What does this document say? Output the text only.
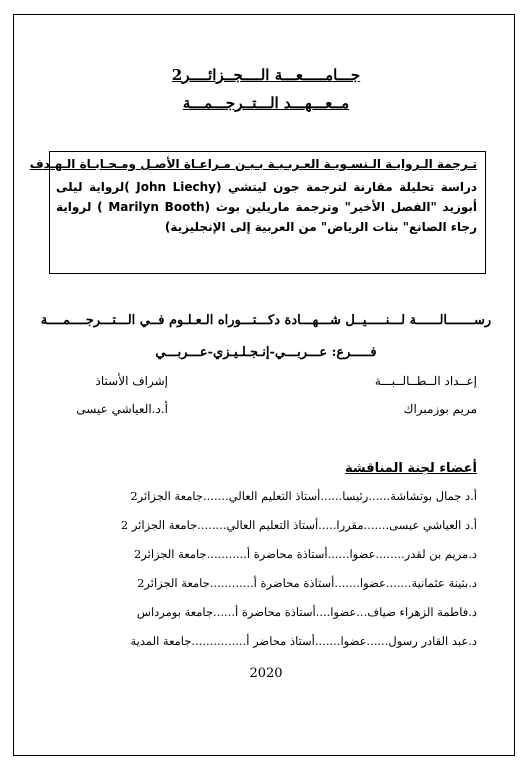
جـــامـــــعـــة الــــجــزائــــر2
مــعـــهـــد الـــتــرجـــمـــة
تـرجمة الـروايـة الـنسـويـة العـربـيـة بـيـن مـراعـاة الأصـل ومـحـابـاة الـهـدف
دراسة تحليلة مقارنة لترجمة جون ليتشي (John Liechy )لرواية ليلى أبوزيد "الفصل الأخير" وترجمة ماريلين بوث (Marilyn Booth ) لرواية رجاء الصانع" بنات الرياض" من العربية إلى الإنجليزية)
رســـــــالــــــة لـــنـــــيــل شـــهـــادة دكـــتـــوراه الـعـلـوم فــي الـــتـــرجــــمــــة
فـــــرع: عـــربـــي-إنـجـلـيـزي-عـــربـــي
إعــداد الــطــالــبـــة
إشراف الأستاذ
مريم بوزمبراك
أ.د.العياشي عيسى
أعضاء لجنة المناقشة
أ.د جمال بوتشاشة......رئيسا......أستاذ التعليم العالي.......جامعة الجزائر2
أ.د العياشي عيسى.......مقررا.....أستاذ التعليم العالي........جامعة الجزائر 2
د.مريم بن لقدر........عضوا......أستاذة محاضرة أ...........جامعة الجزائر2
د.بثينة عثمانية.......عضوا.......أستاذة محاضرة أ............جامعة الجزائر2
د.فاطمة الزهراء ضياف...عضوا....أستاذة محاضرة أ......جامعة بومرداس
د.عبد القادر رسول......عضوا.......أستاذ محاضر أ...............جامعة المدية
2020
